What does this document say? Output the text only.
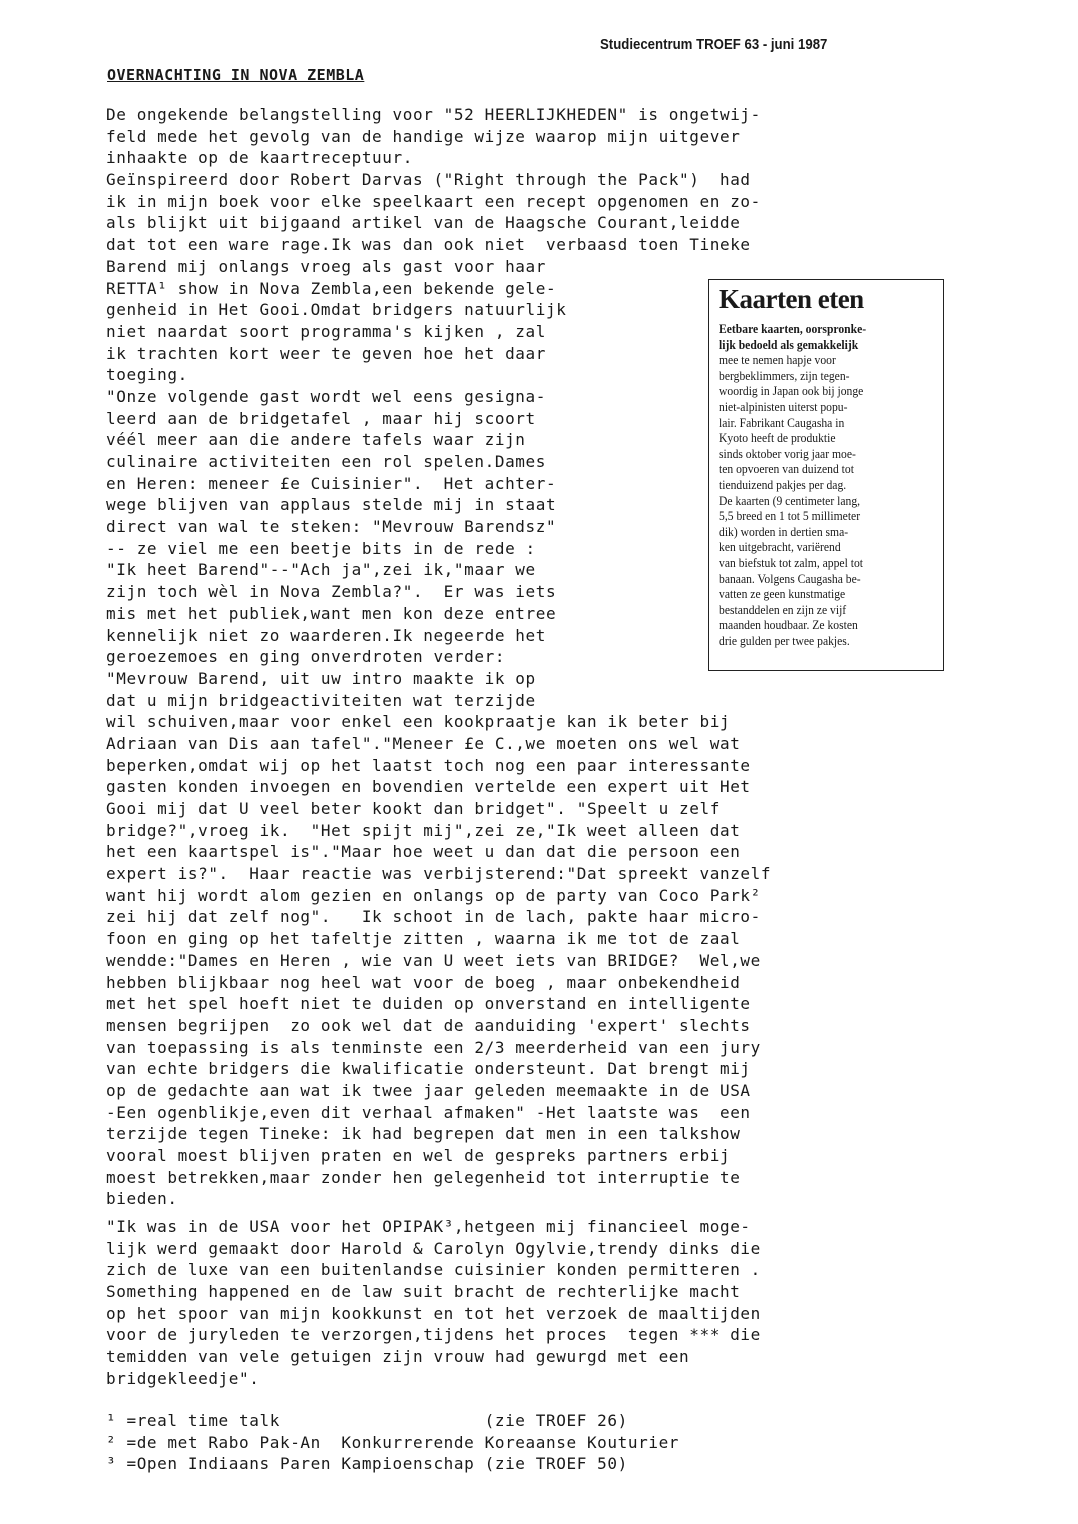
Studiecentrum TROEF 63 - juni 1987
OVERNACHTING IN NOVA ZEMBLA
De ongekende belangstelling voor "52 HEERLIJKHEDEN" is ongetwij-
feld mede het gevolg van de handige wijze waarop mijn uitgever
inhaakte op de kaartreceptuur.
Geïnspireerd door Robert Darvas ("Right through the Pack")  had
ik in mijn boek voor elke speelkaart een recept opgenomen en zo-
als blijkt uit bijgaand artikel van de Haagsche Courant,leidde
dat tot een ware rage.Ik was dan ook niet  verbaasd toen Tineke
Barend mij onlangs vroeg als gast voor haar
RETTA¹ show in Nova Zembla,een bekende gele-
genheid in Het Gooi.Omdat bridgers natuurlijk
niet naardat soort programma's kijken , zal
ik trachten kort weer te geven hoe het daar
toeging.
"Onze volgende gast wordt wel eens gesigna-
leerd aan de bridgetafel , maar hij scoort
véél meer aan die andere tafels waar zijn
culinaire activiteiten een rol spelen.Dames
en Heren: meneer £e Cuisinier".  Het achter-
wege blijven van applaus stelde mij in staat
direct van wal te steken: "Mevrouw Barendsz"
-- ze viel me een beetje bits in de rede :
"Ik heet Barend"--"Ach ja",zei ik,"maar we
zijn toch wèl in Nova Zembla?".  Er was iets
mis met het publiek,want men kon deze entree
kennelijk niet zo waarderen.Ik negeerde het
geroezemoes en ging onverdroten verder:
"Mevrouw Barend, uit uw intro maakte ik op
dat u mijn bridgeactiviteiten wat terzijde
wil schuiven,maar voor enkel een kookpraatje kan ik beter bij
Adriaan van Dis aan tafel"."Meneer £e C.,we moeten ons wel wat
beperken,omdat wij op het laatst toch nog een paar interessante
gasten konden invoegen en bovendien vertelde een expert uit Het
Gooi mij dat U veel beter kookt dan bridget". "Speelt u zelf
bridge?",vroeg ik.  "Het spijt mij",zei ze,"Ik weet alleen dat
het een kaartspel is"."Maar hoe weet u dan dat die persoon een
expert is?".  Haar reactie was verbijsterend:"Dat spreekt vanzelf
want hij wordt alom gezien en onlangs op de party van Coco Park²
zei hij dat zelf nog".   Ik schoot in de lach, pakte haar micro-
foon en ging op het tafeltje zitten , waarna ik me tot de zaal
wendde:"Dames en Heren , wie van U weet iets van BRIDGE?  Wel,we
hebben blijkbaar nog heel wat voor de boeg , maar onbekendheid
met het spel hoeft niet te duiden op onverstand en intelligente
mensen begrijpen  zo ook wel dat de aanduiding 'expert' slechts
van toepassing is als tenminste een 2/3 meerderheid van een jury
van echte bridgers die kwalificatie ondersteunt. Dat brengt mij
op de gedachte aan wat ik twee jaar geleden meemaakte in de USA
-Een ogenblikje,even dit verhaal afmaken" -Het laatste was  een
terzijde tegen Tineke: ik had begrepen dat men in een talkshow
vooral moest blijven praten en wel de gespreks partners erbij
moest betrekken,maar zonder hen gelegenheid tot interruptie te
bieden.
Kaarten eten
Eetbare kaarten, oorspronke-
lijk bedoeld als gemakkelijk
mee te nemen hapje voor
bergbeklimmers, zijn tegen-
woordig in Japan ook bij jonge
niet-alpinisten uiterst popu-
lair. Fabrikant Caugasha in
Kyoto heeft de produktie
sinds oktober vorig jaar moe-
ten opvoeren van duizend tot
tienduizend pakjes per dag.
De kaarten (9 centimeter lang,
5,5 breed en 1 tot 5 millimeter
dik) worden in dertien sma-
ken uitgebracht, variërend
van biefstuk tot zalm, appel tot
banaan. Volgens Caugasha be-
vatten ze geen kunstmatige
bestanddelen en zijn ze vijf
maanden houdbaar. Ze kosten
drie gulden per twee pakjes.
"Ik was in de USA voor het OPIPAK³,hetgeen mij financieel moge-
lijk werd gemaakt door Harold & Carolyn Ogylvie,trendy dinks die
zich de luxe van een buitenlandse cuisinier konden permitteren .
Something happened en de law suit bracht de rechterlijke macht
op het spoor van mijn kookkunst en tot het verzoek de maaltijden
voor de juryleden te verzorgen,tijdens het proces  tegen *** die
temidden van vele getuigen zijn vrouw had gewurgd met een
bridgekleedje".
¹ =real time talk                    (zie TROEF 26)
² =de met Rabo Pak-An  Konkurrerende Koreaanse Kouturier
³ =Open Indiaans Paren Kampioenschap (zie TROEF 50)
